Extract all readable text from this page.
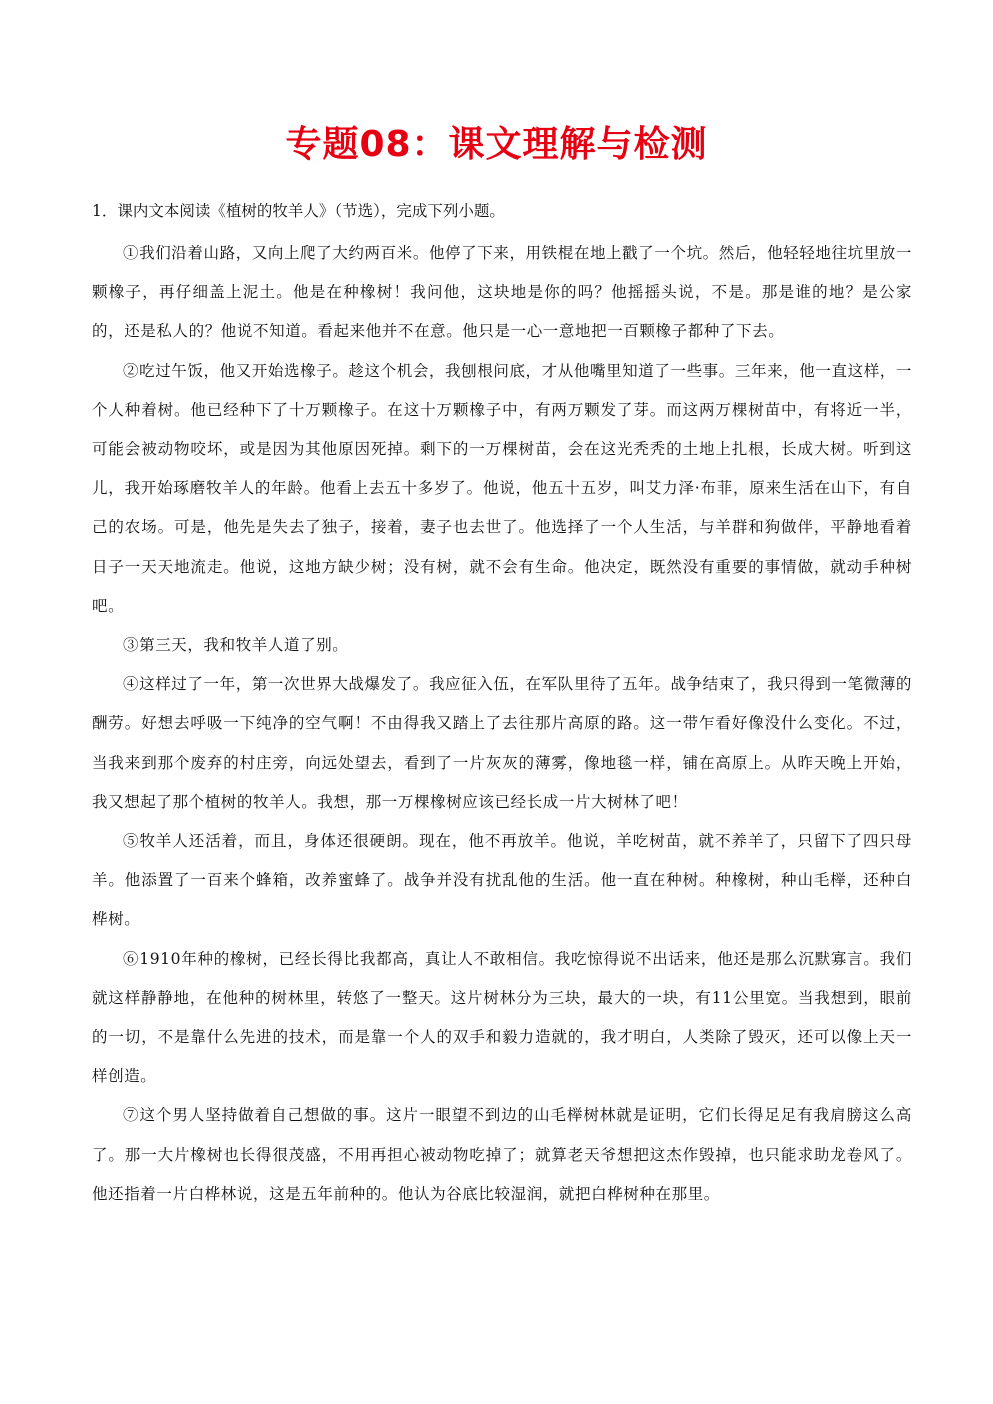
专题08：课文理解与检测

1．课内文本阅读《植树的牧羊人》（节选），完成下列小题。

①我们沿着山路，又向上爬了大约两百米。他停了下来，用铁棍在地上戳了一个坑。然后，他轻轻地往坑里放一颗橡子，再仔细盖上泥土。他是在种橡树！我问他，这块地是你的吗？他摇摇头说，不是。那是谁的地？是公家的，还是私人的？他说不知道。看起来他并不在意。他只是一心一意地把一百颗橡子都种了下去。

②吃过午饭，他又开始选橡子。趁这个机会，我刨根问底，才从他嘴里知道了一些事。三年来，他一直这样，一个人种着树。他已经种下了十万颗橡子。在这十万颗橡子中，有两万颗发了芽。而这两万棵树苗中，有将近一半，可能会被动物咬坏，或是因为其他原因死掉。剩下的一万棵树苗，会在这光秃秃的土地上扎根，长成大树。听到这儿，我开始琢磨牧羊人的年龄。他看上去五十多岁了。他说，他五十五岁，叫艾力泽·布菲，原来生活在山下，有自己的农场。可是，他先是失去了独子，接着，妻子也去世了。他选择了一个人生活，与羊群和狗做伴，平静地看着日子一天天地流走。他说，这地方缺少树；没有树，就不会有生命。他决定，既然没有重要的事情做，就动手种树吧。

③第三天，我和牧羊人道了别。

④这样过了一年，第一次世界大战爆发了。我应征入伍，在军队里待了五年。战争结束了，我只得到一笔微薄的酬劳。好想去呼吸一下纯净的空气啊！不由得我又踏上了去往那片高原的路。这一带乍看好像没什么变化。不过，当我来到那个废弃的村庄旁，向远处望去，看到了一片灰灰的薄雾，像地毯一样，铺在高原上。从昨天晚上开始，我又想起了那个植树的牧羊人。我想，那一万棵橡树应该已经长成一片大树林了吧！

⑤牧羊人还活着，而且，身体还很硬朗。现在，他不再放羊。他说，羊吃树苗，就不养羊了，只留下了四只母羊。他添置了一百来个蜂箱，改养蜜蜂了。战争并没有扰乱他的生活。他一直在种树。种橡树，种山毛榉，还种白桦树。

⑥1910年种的橡树，已经长得比我都高，真让人不敢相信。我吃惊得说不出话来，他还是那么沉默寡言。我们就这样静静地，在他种的树林里，转悠了一整天。这片树林分为三块，最大的一块，有11公里宽。当我想到，眼前的一切，不是靠什么先进的技术，而是靠一个人的双手和毅力造就的，我才明白，人类除了毁灭，还可以像上天一样创造。

⑦这个男人坚持做着自己想做的事。这片一眼望不到边的山毛榉树林就是证明，它们长得足足有我肩膀这么高了。那一大片橡树也长得很茂盛，不用再担心被动物吃掉了；就算老天爷想把这杰作毁掉，也只能求助龙卷风了。他还指着一片白桦林说，这是五年前种的。他认为谷底比较湿润，就把白桦树种在那里。
